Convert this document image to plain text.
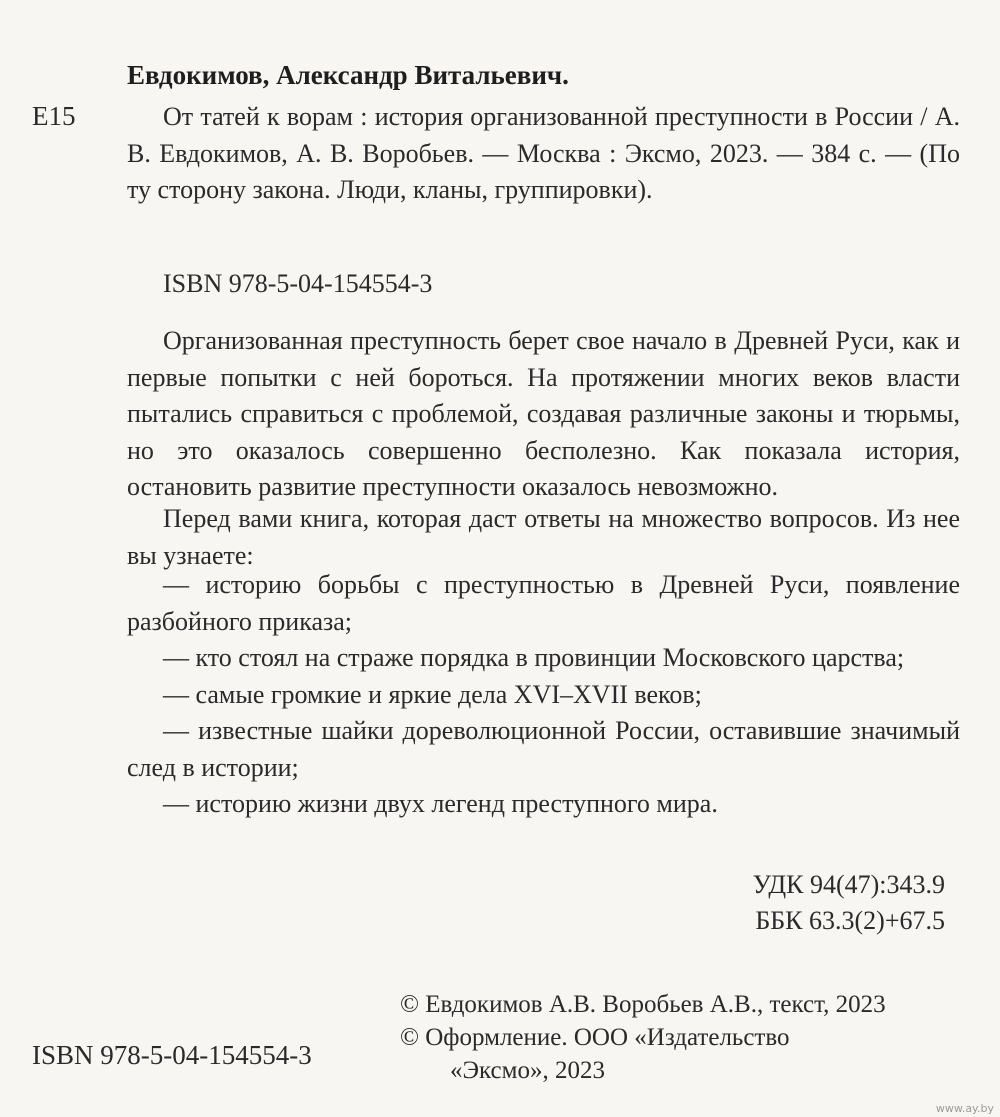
Евдокимов, Александр Витальевич.
Е15	От татей к ворам : история организованной преступности в России / А. В. Евдокимов, А. В. Воробьев. — Москва : Эксмо, 2023. — 384 с. — (По ту сторону закона. Люди, кланы, группировки).

ISBN 978-5-04-154554-3

Организованная преступность берет свое начало в Древней Руси, как и первые попытки с ней бороться. На протяжении многих веков власти пытались справиться с проблемой, создавая различные законы и тюрьмы, но это оказалось совершенно бесполезно. Как показала история, остановить развитие преступности оказалось невозможно.

Перед вами книга, которая даст ответы на множество вопросов. Из нее вы узнаете:

— историю борьбы с преступностью в Древней Руси, появление разбойного приказа;
— кто стоял на страже порядка в провинции Московского царства;
— самые громкие и яркие дела XVI–XVII веков;
— известные шайки дореволюционной России, оставившие значимый след в истории;
— историю жизни двух легенд преступного мира.
УДК 94(47):343.9
ББК 63.3(2)+67.5
© Евдокимов А.В. Воробьев А.В., текст, 2023
© Оформление. ООО «Издательство
«Эксмо», 2023
ISBN 978-5-04-154554-3
www.ay.by
